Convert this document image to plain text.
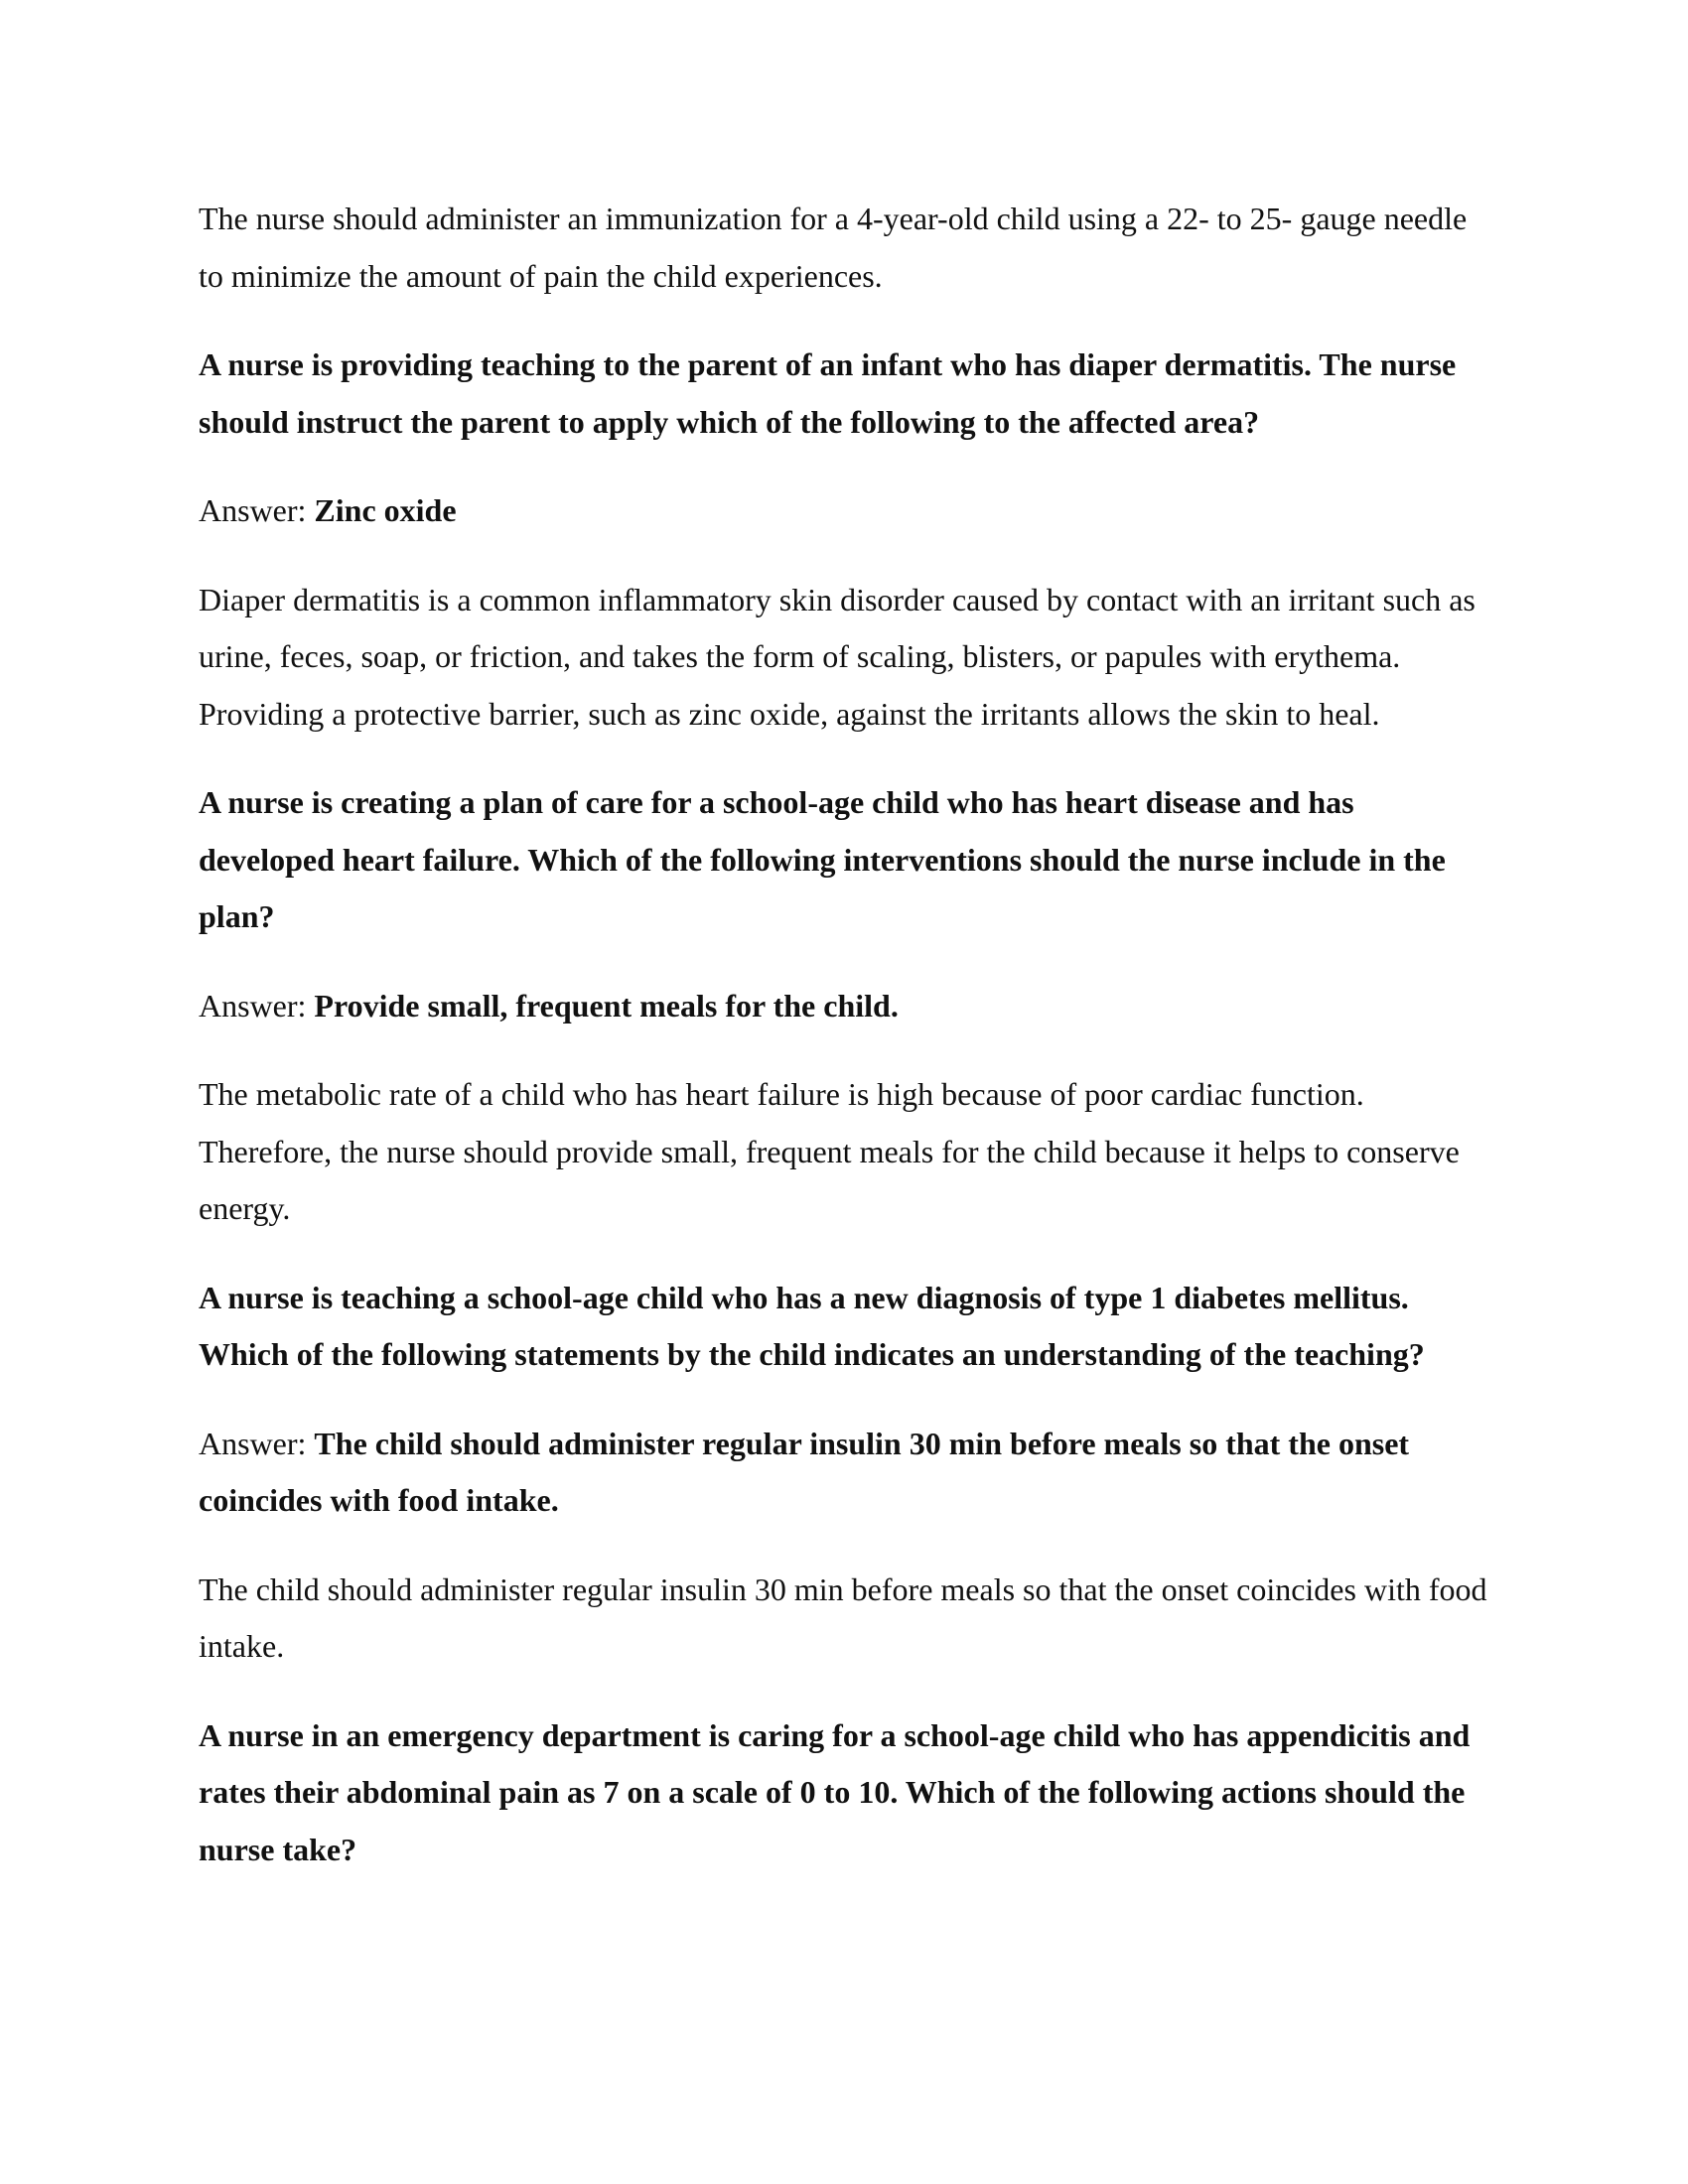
The nurse should administer an immunization for a 4-year-old child using a 22- to 25- gauge needle to minimize the amount of pain the child experiences.

A nurse is providing teaching to the parent of an infant who has diaper dermatitis. The nurse should instruct the parent to apply which of the following to the affected area?

Answer: Zinc oxide

Diaper dermatitis is a common inflammatory skin disorder caused by contact with an irritant such as urine, feces, soap, or friction, and takes the form of scaling, blisters, or papules with erythema. Providing a protective barrier, such as zinc oxide, against the irritants allows the skin to heal.

A nurse is creating a plan of care for a school-age child who has heart disease and has developed heart failure. Which of the following interventions should the nurse include in the plan?

Answer: Provide small, frequent meals for the child.

The metabolic rate of a child who has heart failure is high because of poor cardiac function. Therefore, the nurse should provide small, frequent meals for the child because it helps to conserve energy.

A nurse is teaching a school-age child who has a new diagnosis of type 1 diabetes mellitus. Which of the following statements by the child indicates an understanding of the teaching?

Answer: The child should administer regular insulin 30 min before meals so that the onset coincides with food intake.

The child should administer regular insulin 30 min before meals so that the onset coincides with food intake.

A nurse in an emergency department is caring for a school-age child who has appendicitis and rates their abdominal pain as 7 on a scale of 0 to 10. Which of the following actions should the nurse take?
